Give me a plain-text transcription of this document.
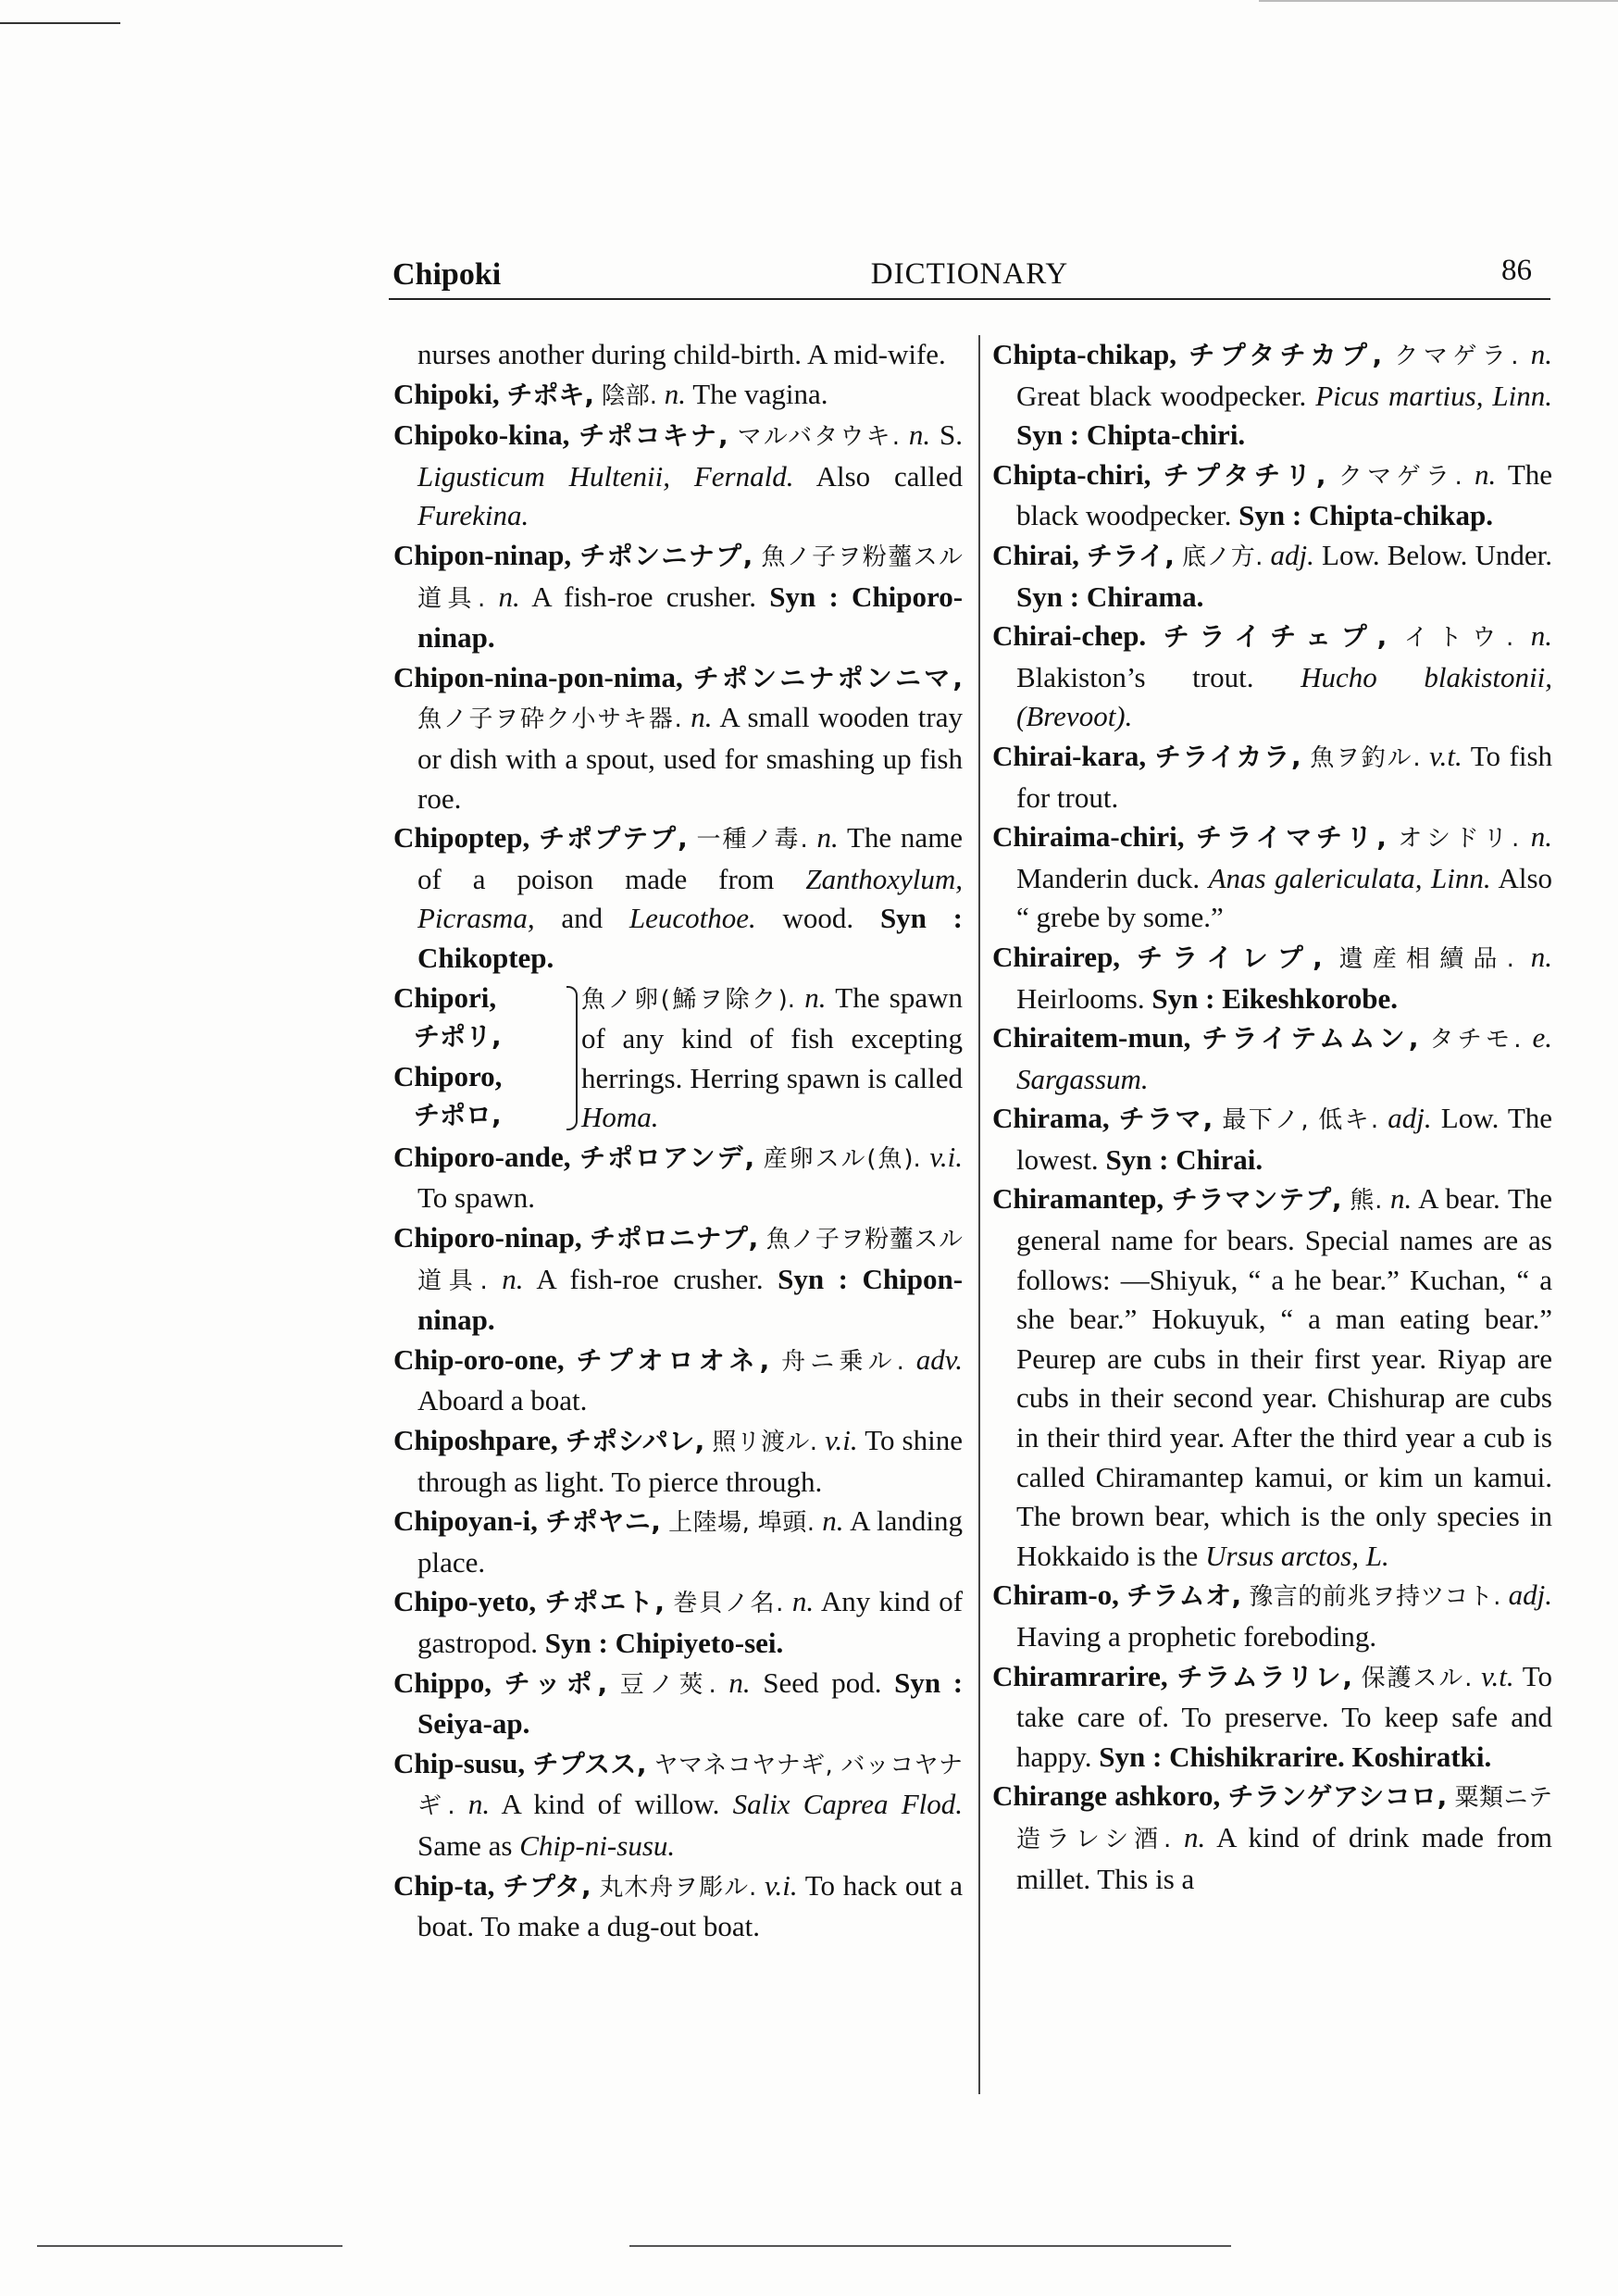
Chipoki	DICTIONARY	86
nurses another during child-birth. A mid-wife.
Chipoki, チポキ, 陰部. n. The vagina.
Chipoko-kina, チポコキナ, マルバタウキ. n. S. Ligusticum Hultenii, Fernald. Also called Furekina.
Chipon-ninap, チポンニナプ, 魚ノ子ヲ粉虀スル道具. n. A fish-roe crusher. Syn : Chiporo-ninap.
Chipon-nina-pon-nima, チポンニナポンニマ, 魚ノ子ヲ砕ク小サキ器. n. A small wooden tray or dish with a spout, used for smashing up fish roe.
Chipoptep, チポプテプ, 一種ノ毒. n. The name of a poison made from Zanthoxylum, Picrasma, and Leucothoe. wood. Syn : Chikoptep.
Chipori,
チポリ,
Chiporo,
チポロ,
魚ノ卵(鯑ヲ除ク). n. The spawn of any kind of fish excepting herrings. Herring spawn is called Homa.
Chiporo-ande, チポロアンデ, 産卵スル(魚). v.i. To spawn.
Chiporo-ninap, チポロニナプ, 魚ノ子ヲ粉虀スル道具. n. A fish-roe crusher. Syn : Chipon-ninap.
Chip-oro-one, チプオロオネ, 舟ニ乗ル. adv. Aboard a boat.
Chiposhpare, チポシパレ, 照リ渡ル. v.i. To shine through as light. To pierce through.
Chipoyan-i, チポヤニ, 上陸場, 埠頭. n. A landing place.
Chipo-yeto, チポエト, 巻貝ノ名. n. Any kind of gastropod. Syn : Chipiyeto-sei.
Chippo, チッポ, 豆ノ莢. n. Seed pod. Syn : Seiya-ap.
Chip-susu, チプスス, ヤマネコヤナギ, バッコヤナギ. n. A kind of willow. Salix Caprea Flod. Same as Chip-ni-susu.
Chip-ta, チプタ, 丸木舟ヲ彫ル. v.i. To hack out a boat. To make a dug-out boat.
Chipta-chikap, チプタチカプ, クマゲラ. n. Great black woodpecker. Picus martius, Linn. Syn : Chipta-chiri.
Chipta-chiri, チプタチリ, クマゲラ. n. The black woodpecker. Syn : Chipta-chikap.
Chirai, チライ, 底ノ方. adj. Low. Below. Under. Syn : Chirama.
Chirai-chep. チライチェプ, イトウ. n. Blakiston’s trout. Hucho blakistonii, (Brevoot).
Chirai-kara, チライカラ, 魚ヲ釣ル. v.t. To fish for trout.
Chiraima-chiri, チライマチリ, オシドリ. n. Manderin duck. Anas galericulata, Linn. Also “ grebe by some.”
Chirairep, チライレプ, 遺産相續品. n. Heirlooms. Syn : Eikeshkorobe.
Chiraitem-mun, チライテムムン, タチモ. e. Sargassum.
Chirama, チラマ, 最下ノ, 低キ. adj. Low. The lowest. Syn : Chirai.
Chiramantep, チラマンテプ, 熊. n. A bear. The general name for bears. Special names are as follows: —Shiyuk, “ a he bear.” Kuchan, “ a she bear.” Hokuyuk, “ a man eating bear.” Peurep are cubs in their first year. Riyap are cubs in their second year. Chishurap are cubs in their third year. After the third year a cub is called Chiramantep kamui, or kim un kamui. The brown bear, which is the only species in Hokkaido is the Ursus arctos, L.
Chiram-o, チラムオ, 豫言的前兆ヲ持ツコト. adj. Having a prophetic foreboding.
Chiramrarire, チラムラリレ, 保護スル. v.t. To take care of. To preserve. To keep safe and happy. Syn : Chishikrarire. Koshiratki.
Chirange ashkoro, チランゲアシコロ, 粟類ニテ造ラレシ酒. n. A kind of drink made from millet. This is a
